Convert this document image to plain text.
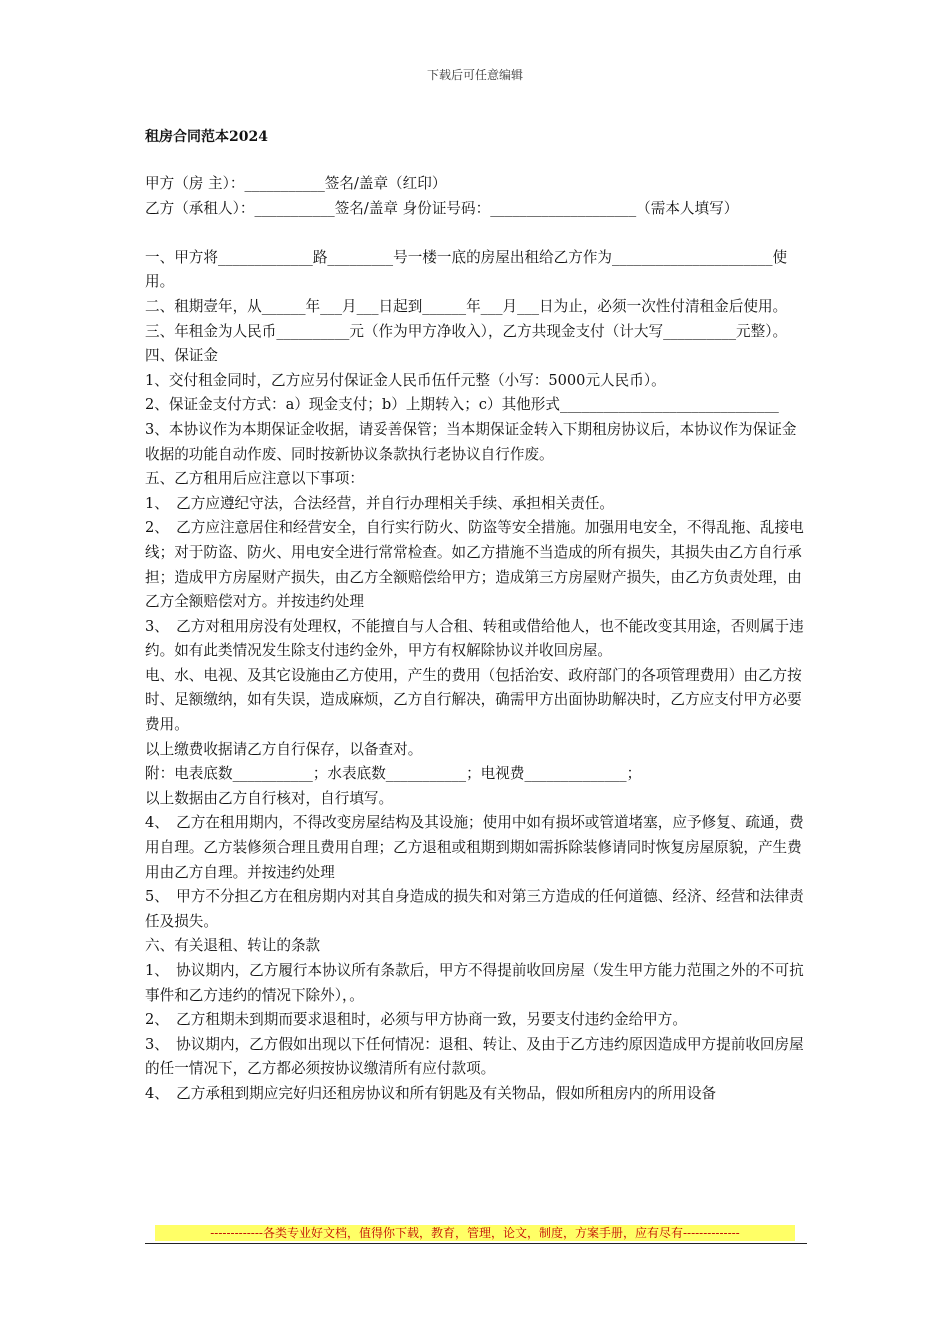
下载后可任意编辑
租房合同范本2024

甲方（房 主）：___________签名/盖章（红印）

乙方（承租人）：___________签名/盖章 身份证号码：____________________（需本人填写）

一、甲方将_____________路_________号一楼一底的房屋出租给乙方作为______________________使用。

二、租期壹年，从______年___月___日起到______年___月___日为止，必须一次性付清租金后使用。

三、年租金为人民币__________元（作为甲方净收入），乙方共现金支付（计大写__________元整）。

四、保证金

1、交付租金同时，乙方应另付保证金人民币伍仟元整（小写：5000元人民币）。

2、保证金支付方式：a）现金支付；b）上期转入；c）其他形式______________________________

3、本协议作为本期保证金收据，请妥善保管；当本期保证金转入下期租房协议后，本协议作为保证金收据的功能自动作废、同时按新协议条款执行老协议自行作废。

五、乙方租用后应注意以下事项：

1、　乙方应遵纪守法，合法经营，并自行办理相关手续、承担相关责任。

2、　乙方应注意居住和经营安全，自行实行防火、防盗等安全措施。加强用电安全，不得乱拖、乱接电线；对于防盗、防火、用电安全进行常常检查。如乙方措施不当造成的所有损失，其损失由乙方自行承担；造成甲方房屋财产损失，由乙方全额赔偿给甲方；造成第三方房屋财产损失，由乙方负责处理，由乙方全额赔偿对方。并按违约处理

3、　乙方对租用房没有处理权，不能擅自与人合租、转租或借给他人，也不能改变其用途，否则属于违约。如有此类情况发生除支付违约金外，甲方有权解除协议并收回房屋。

电、水、电视、及其它设施由乙方使用，产生的费用（包括治安、政府部门的各项管理费用）由乙方按时、足额缴纳，如有失误，造成麻烦，乙方自行解决，确需甲方出面协助解决时，乙方应支付甲方必要费用。

以上缴费收据请乙方自行保存，以备查对。

附：电表底数___________；水表底数___________；电视费______________；

以上数据由乙方自行核对，自行填写。

4、　乙方在租用期内，不得改变房屋结构及其设施；使用中如有损坏或管道堵塞，应予修复、疏通，费用自理。乙方装修须合理且费用自理；乙方退租或租期到期如需拆除装修请同时恢复房屋原貌，产生费用由乙方自理。并按违约处理

5、　甲方不分担乙方在租房期内对其自身造成的损失和对第三方造成的任何道德、经济、经营和法律责任及损失。

六、有关退租、转让的条款

1、　协议期内，乙方履行本协议所有条款后，甲方不得提前收回房屋（发生甲方能力范围之外的不可抗事件和乙方违约的情况下除外），。

2、　乙方租期未到期而要求退租时，必须与甲方协商一致，另要支付违约金给甲方。

3、　协议期内，乙方假如出现以下任何情况：退租、转让、及由于乙方违约原因造成甲方提前收回房屋的任一情况下，乙方都必须按协议缴清所有应付款项。

4、　乙方承租到期应完好归还租房协议和所有钥匙及有关物品，假如所租房内的所用设备

-------------各类专业好文档，值得你下载，教育，管理，论文，制度，方案手册，应有尽有--------------
